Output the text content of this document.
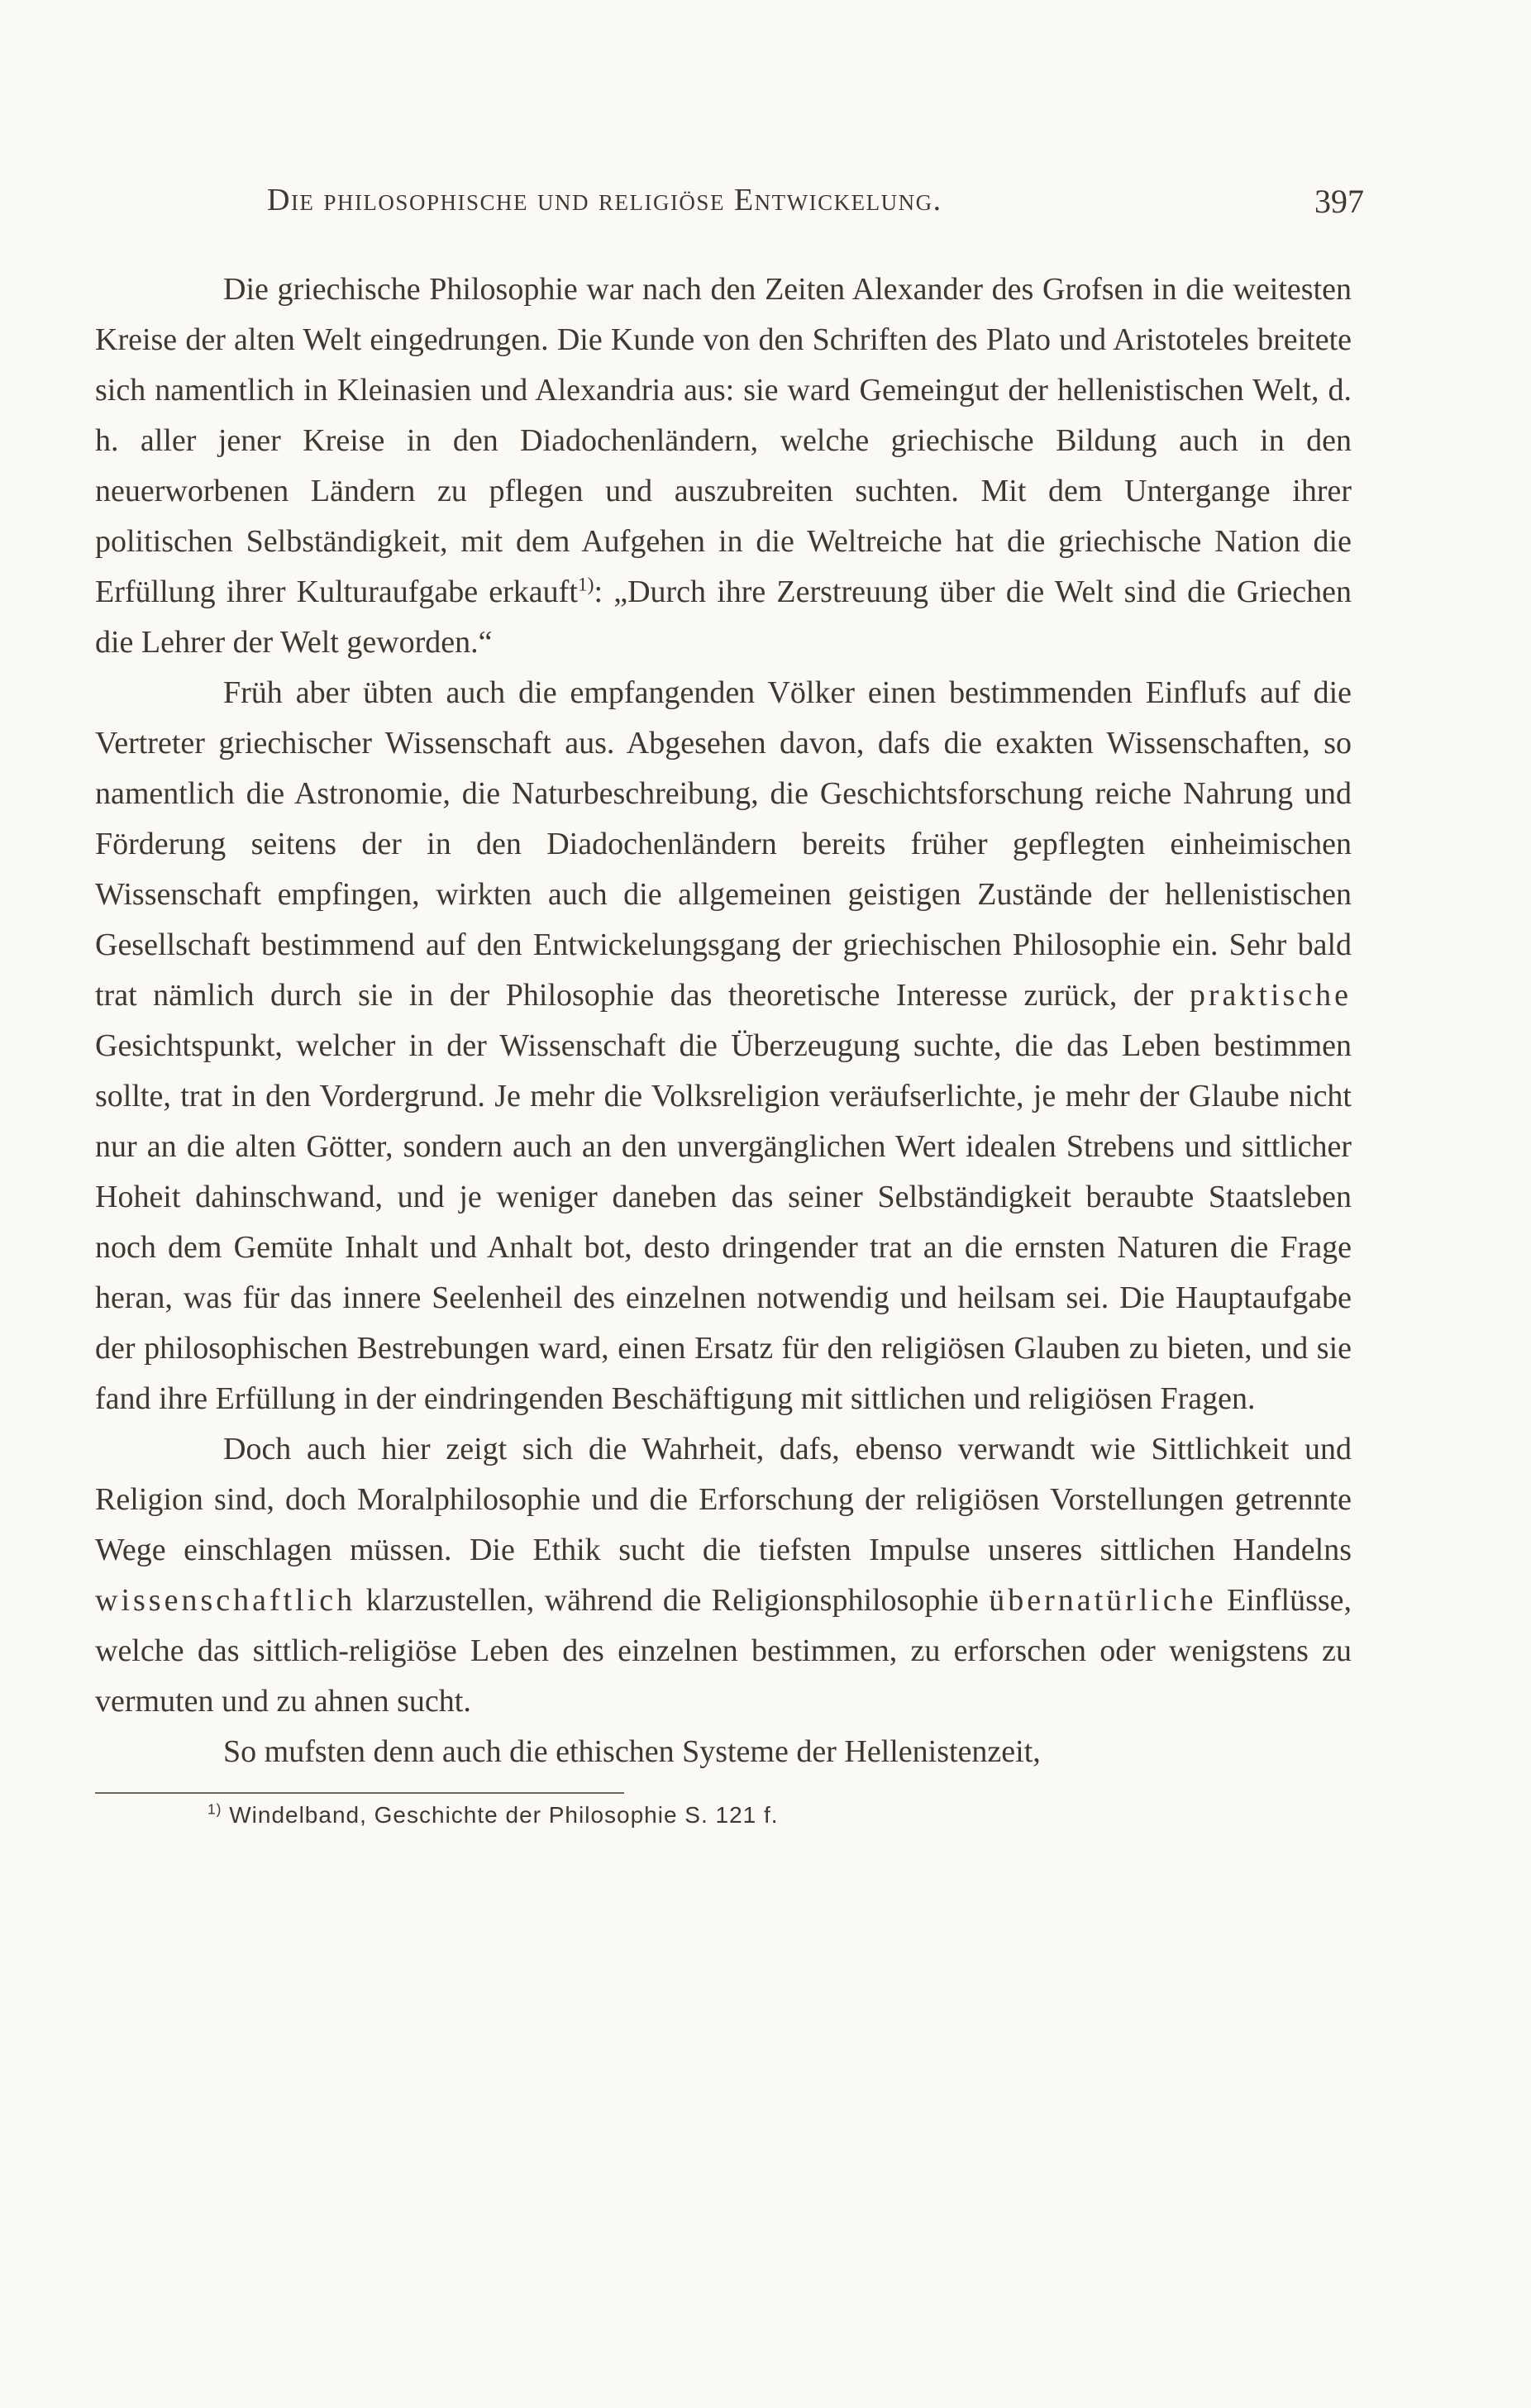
Die philosophische und religiöse Entwickelung.	397

Die griechische Philosophie war nach den Zeiten Alexander des Grofsen in die weitesten Kreise der alten Welt eingedrungen. Die Kunde von den Schriften des Plato und Aristoteles breitete sich namentlich in Kleinasien und Alexandria aus: sie ward Gemeingut der hellenistischen Welt, d. h. aller jener Kreise in den Diadochenländern, welche griechische Bildung auch in den neuerworbenen Ländern zu pflegen und auszubreiten suchten. Mit dem Untergange ihrer politischen Selbständigkeit, mit dem Aufgehen in die Weltreiche hat die griechische Nation die Erfüllung ihrer Kulturaufgabe erkauft$^{1)}$: „Durch ihre Zerstreuung über die Welt sind die Griechen die Lehrer der Welt geworden.“

Früh aber übten auch die empfangenden Völker einen bestimmenden Einflufs auf die Vertreter griechischer Wissenschaft aus. Abgesehen davon, dafs die exakten Wissenschaften, so namentlich die Astronomie, die Naturbeschreibung, die Geschichtsforschung reiche Nahrung und Förderung seitens der in den Diadochenländern bereits früher gepflegten einheimischen Wissenschaft empfingen, wirkten auch die allgemeinen geistigen Zustände der hellenistischen Gesellschaft bestimmend auf den Entwickelungsgang der griechischen Philosophie ein. Sehr bald trat nämlich durch sie in der Philosophie das theoretische Interesse zurück, der praktische Gesichtspunkt, welcher in der Wissenschaft die Überzeugung suchte, die das Leben bestimmen sollte, trat in den Vordergrund. Je mehr die Volksreligion veräufserlichte, je mehr der Glaube nicht nur an die alten Götter, sondern auch an den unvergänglichen Wert idealen Strebens und sittlicher Hoheit dahinschwand, und je weniger daneben das seiner Selbständigkeit beraubte Staatsleben noch dem Gemüte Inhalt und Anhalt bot, desto dringender trat an die ernsten Naturen die Frage heran, was für das innere Seelenheil des einzelnen notwendig und heilsam sei. Die Hauptaufgabe der philosophischen Bestrebungen ward, einen Ersatz für den religiösen Glauben zu bieten, und sie fand ihre Erfüllung in der eindringenden Beschäftigung mit sittlichen und religiösen Fragen.

Doch auch hier zeigt sich die Wahrheit, dafs, ebenso verwandt wie Sittlichkeit und Religion sind, doch Moralphilosophie und die Erforschung der religiösen Vorstellungen getrennte Wege einschlagen müssen. Die Ethik sucht die tiefsten Impulse unseres sittlichen Handelns wissenschaftlich klarzustellen, während die Religionsphilosophie übernatürliche Einflüsse, welche das sittlich-religiöse Leben des einzelnen bestimmen, zu erforschen oder wenigstens zu vermuten und zu ahnen sucht.

So mufsten denn auch die ethischen Systeme der Hellenistenzeit,

$^{1)}$ Windelband, Geschichte der Philosophie S. 121 f.
